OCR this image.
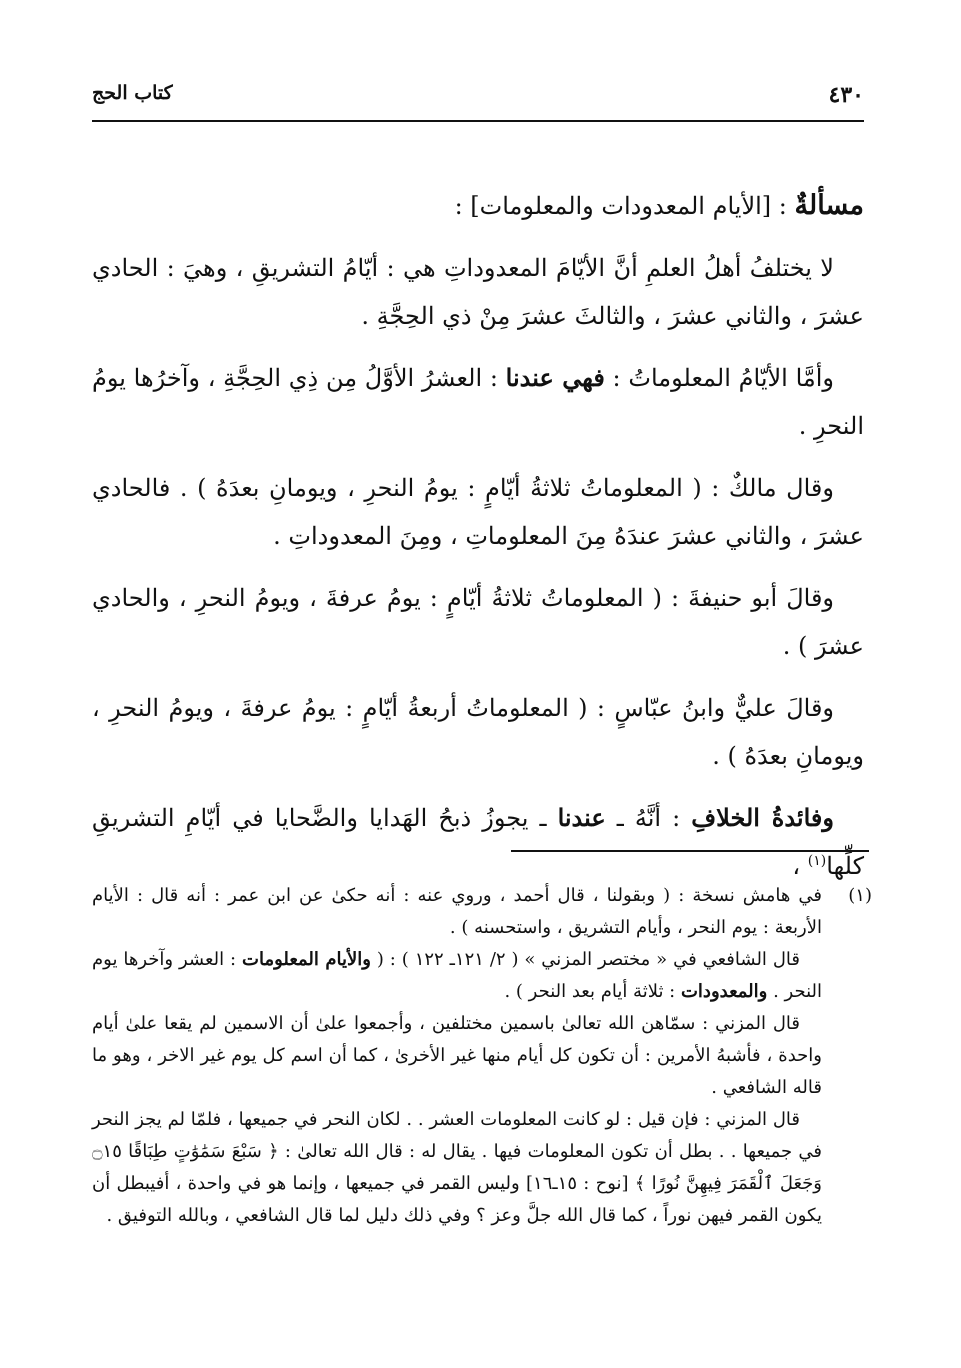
٤٣٠
كتاب الحج
مسألةٌ : [الأيام المعدودات والمعلومات] :

لا يختلفُ أهلُ العلمِ أنَّ الأيّامَ المعدوداتِ هي : أيّامُ التشريقِ ، وهيَ : الحادي عشرَ ، والثاني عشرَ ، والثالثَ عشرَ مِنْ ذي الحِجَّةِ .

وأمَّا الأيّامُ المعلوماتُ : فهي عندنا : العشرُ الأوَّلُ مِن ذِي الحِجَّةِ ، وآخرُها يومُ النحرِ .

وقال مالكٌ : ( المعلوماتُ ثلاثةُ أيّامٍ : يومُ النحرِ ، ويومانِ بعدَهُ ) . فالحادي عشرَ ، والثاني عشرَ عندَهُ مِنَ المعلوماتِ ، ومِنَ المعدوداتِ .

وقالَ أبو حنيفةَ : ( المعلوماتُ ثلاثةُ أيّامٍ : يومُ عرفةَ ، ويومُ النحرِ ، والحادي عشرَ ) .

وقالَ عليٌّ وابنُ عبّاسٍ : ( المعلوماتُ أربعةُ أيّامٍ : يومُ عرفةَ ، ويومُ النحرِ ، ويومانِ بعدَهُ ) .

وفائدةُ الخلافِ : أنَّهُ ـ عندنا ـ يجوزُ ذبحُ الهَدايا والضَّحايا في أيّامِ التشريقِ كلِّها$^{(١)}$ ،

(١)

في هامش نسخة : ( وبقولنا ، قال أحمد ، وروي عنه : أنه حكىٰ عن ابن عمر : أنه قال : الأيام الأربعة : يوم النحر ، وأيام التشريق ، واستحسنه ) .

قال الشافعي في « مختصر المزني » ( ٢/ ١٢١ـ ١٢٢ ) : ( والأيام المعلومات : العشر وآخرها يوم النحر . والمعدودات : ثلاثة أيام بعد النحر ) .

قال المزني : سمّاهن الله تعالىٰ باسمين مختلفين ، وأجمعوا علىٰ أن الاسمين لم يقعا علىٰ أيام واحدة ، فأشبهُ الأمرين : أن تكون كل أيام منها غير الأخرىٰ ، كما أن اسم كل يوم غير الاخر ، وهو ما قاله الشافعي .

قال المزني : فإن قيل : لو كانت المعلومات العشر . . لكان النحر في جميعها ، فلمّا لم يجز النحر في جميعها . . بطل أن تكون المعلومات فيها . يقال له : قال الله تعالىٰ : ﴿ سَبْعَ سَمَٰوَٰتٍ طِبَاقًا ۝١٥ وَجَعَلَ ٱلْقَمَرَ فِيهِنَّ نُورًا ﴾ [نوح : ١٥ـ١٦] وليس القمر في جميعها ، وإنما هو في واحدة ، أفيبطل أن يكون القمر فيهن نوراً ، كما قال الله جلَّ وعز ؟ وفي ذلك دليل لما قال الشافعي ، وبالله التوفيق .
